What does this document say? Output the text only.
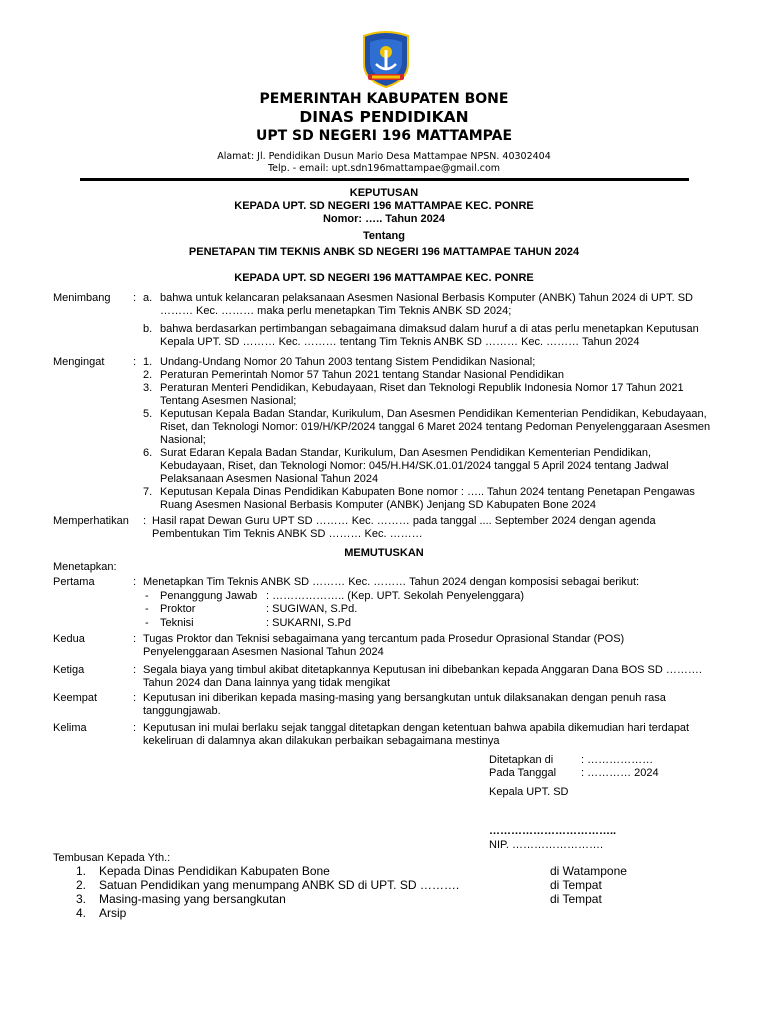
PEMERINTAH KABUPATEN BONE
DINAS PENDIDIKAN
UPT SD NEGERI 196 MATTAMPAE
Alamat: Jl. Pendidikan Dusun Mario Desa Mattampae NPSN. 40302404
Telp. - email: upt.sdn196mattampae@gmail.com
KEPUTUSAN
KEPADA UPT. SD NEGERI 196 MATTAMPAE KEC. PONRE
Nomor: ….. Tahun 2024
Tentang
PENETAPAN TIM TEKNIS ANBK SD NEGERI 196 MATTAMPAE TAHUN 2024
KEPADA UPT. SD NEGERI 196 MATTAMPAE KEC. PONRE
Menimbang : a. bahwa untuk kelancaran pelaksanaan Asesmen Nasional Berbasis Komputer (ANBK) Tahun 2024 di UPT. SD
……… Kec. ……… maka perlu menetapkan Tim Teknis ANBK SD 2024;
b. bahwa berdasarkan pertimbangan sebagaimana dimaksud dalam huruf a di atas perlu menetapkan Keputusan
Kepala UPT. SD ……… Kec. ……… tentang Tim Teknis ANBK SD ……… Kec. ……… Tahun 2024
Mengingat	: 1. Undang-Undang Nomor 20 Tahun 2003 tentang Sistem Pendidikan Nasional;
2. Peraturan Pemerintah Nomor 57 Tahun 2021 tentang Standar Nasional Pendidikan
3. Peraturan Menteri Pendidikan, Kebudayaan, Riset dan Teknologi Republik Indonesia Nomor 17 Tahun 2021
Tentang Asesmen Nasional;
5. Keputusan Kepala Badan Standar, Kurikulum, Dan Asesmen Pendidikan Kementerian Pendidikan, Kebudayaan,
Riset, dan Teknologi Nomor: 019/H/KP/2024 tanggal 6 Maret 2024 tentang Pedoman Penyelenggaraan Asesmen
Nasional;
6. Surat Edaran Kepala Badan Standar, Kurikulum, Dan Asesmen Pendidikan Kementerian Pendidikan,
Kebudayaan, Riset, dan Teknologi Nomor: 045/H.H4/SK.01.01/2024 tanggal 5 April 2024 tentang Jadwal
Pelaksanaan Asesmen Nasional Tahun 2024
7. Keputusan Kepala Dinas Pendidikan Kabupaten Bone nomor : ….. Tahun 2024 tentang Penetapan Pengawas
Ruang Asesmen Nasional Berbasis Komputer (ANBK) Jenjang SD Kabupaten Bone 2024
Memperhatikan : Hasil rapat Dewan Guru UPT SD ……… Kec. ……… pada tanggal .... September 2024 dengan agenda
Pembentukan Tim Teknis ANBK SD ……… Kec. ………
MEMUTUSKAN
Menetapkan:
Pertama	: Menetapkan Tim Teknis ANBK SD ……… Kec. ……… Tahun 2024 dengan komposisi sebagai berikut:
- Penanggung Jawab : ……………….. (Kep. UPT. Sekolah Penyelenggara)
- Proktor	: SUGIWAN, S.Pd.
- Teknisi	: SUKARNI, S.Pd
Kedua	: Tugas Proktor dan Teknisi sebagaimana yang tercantum pada Prosedur Oprasional Standar (POS)
Penyelenggaraan Asesmen Nasional Tahun 2024
Ketiga	: Segala biaya yang timbul akibat ditetapkannya Keputusan ini dibebankan kepada Anggaran Dana BOS SD ……….
Tahun 2024 dan Dana lainnya yang tidak mengikat
Keempat	: Keputusan ini diberikan kepada masing-masing yang bersangkutan untuk dilaksanakan dengan penuh rasa
tanggungjawab.
Kelima	: Keputusan ini mulai berlaku sejak tanggal ditetapkan dengan ketentuan bahwa apabila dikemudian hari terdapat
kekeliruan di dalamnya akan dilakukan perbaikan sebagaimana mestinya
Ditetapkan di	: ………………
Pada Tanggal : ………… 2024
Kepala UPT. SD
……………………………..
NIP. …………………….
Tembusan Kepada Yth.:
1. Kepada Dinas Pendidikan Kabupaten Bone	di Watampone
2. Satuan Pendidikan yang menumpang ANBK SD di UPT. SD ……….	di Tempat
3. Masing-masing yang bersangkutan	di Tempat
4. Arsip
